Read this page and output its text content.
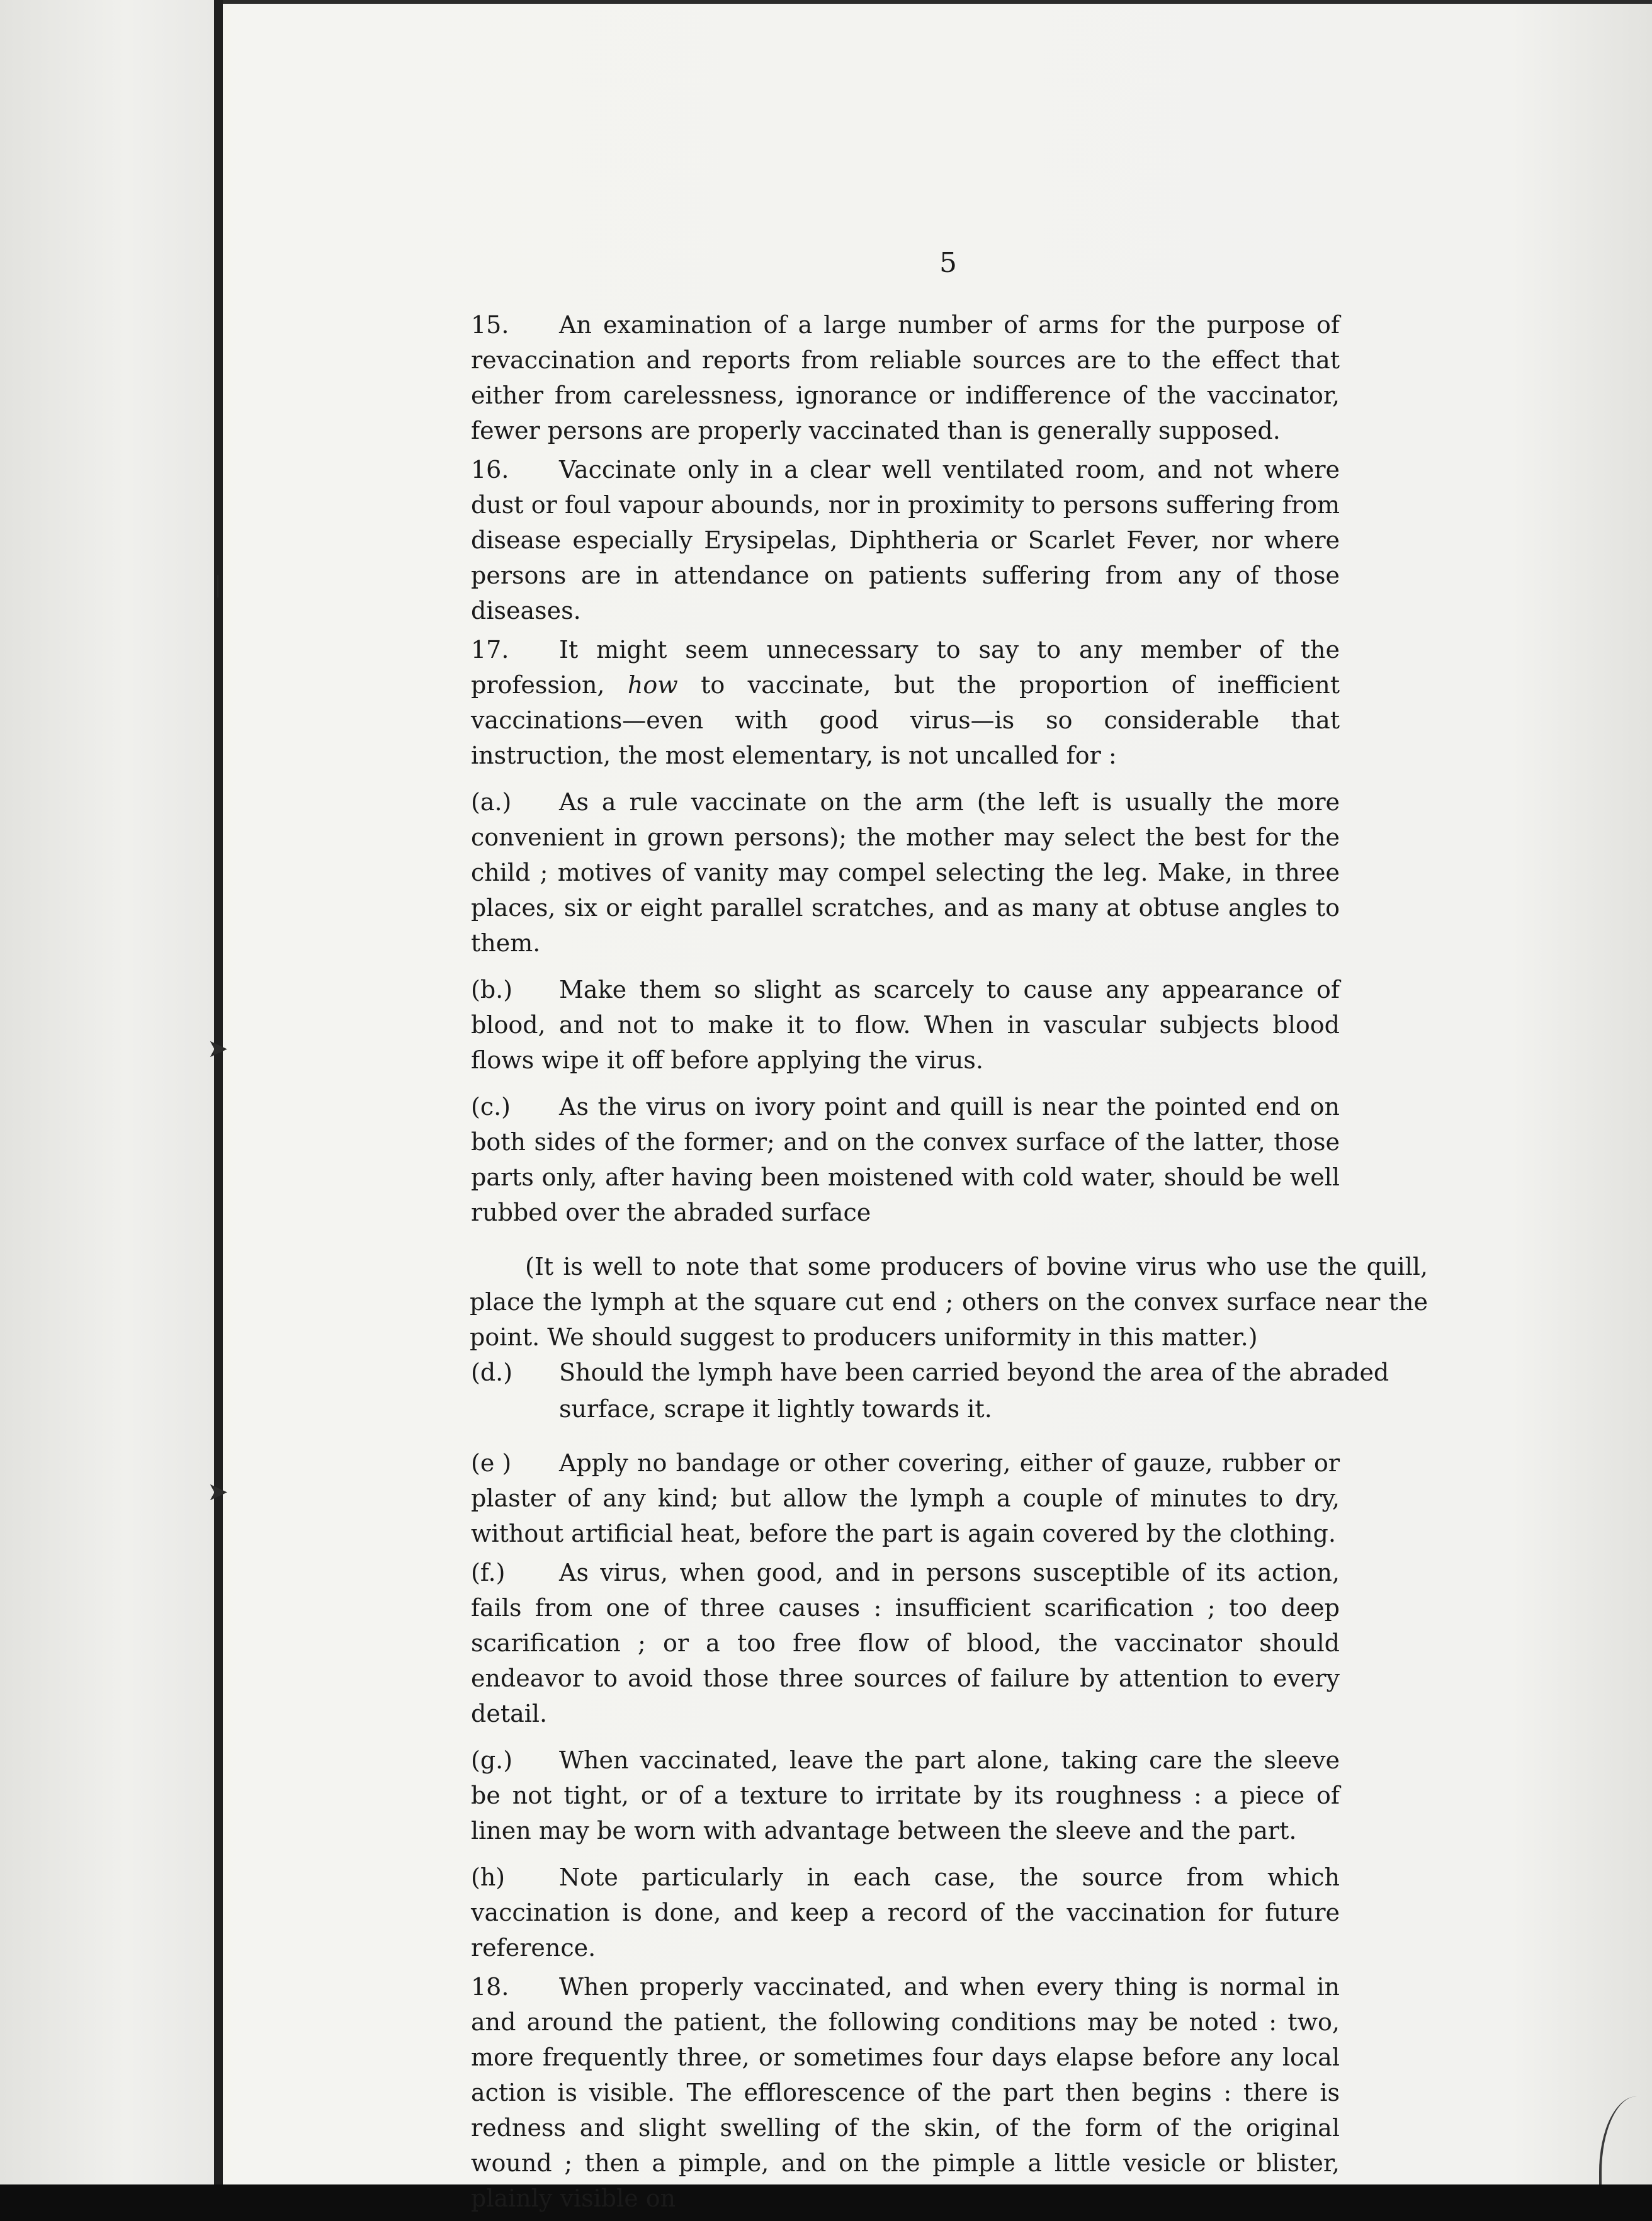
ᛁ
➤
➤
5
15.	An examination of a large number of arms for the purpose of revaccination and reports from reliable sources are to the effect that either from carelessness, ignorance or indifference of the vaccinator, fewer persons are properly vaccinated than is generally supposed.
16.	Vaccinate only in a clear well ventilated room, and not where dust or foul vapour abounds, nor in proximity to persons suffering from disease especially Erysipelas, Diphtheria or Scarlet Fever, nor where persons are in attendance on patients suffering from any of those diseases.
17.	It might seem unnecessary to say to any member of the profession, how to vaccinate, but the proportion of inefficient vaccinations—even with good virus—is so considerable that instruction, the most elementary, is not uncalled for :
(a.)	As a rule vaccinate on the arm (the left is usually the more convenient in grown persons); the mother may select the best for the child ; motives of vanity may compel selecting the leg. Make, in three places, six or eight parallel scratches, and as many at obtuse angles to them.
(b.)	Make them so slight as scarcely to cause any appearance of blood, and not to make it to flow. When in vascular subjects blood flows wipe it off before applying the virus.
(c.)	As the virus on ivory point and quill is near the pointed end on both sides of the former; and on the convex surface of the latter, those parts only, after having been moistened with cold water, should be well rubbed over the abraded surface
(It is well to note that some producers of bovine virus who use the quill, place the lymph at the square cut end ; others on the convex surface near the point. We should suggest to producers uniformity in this matter.)
(d.)	Should the lymph have been carried beyond the area of the abraded
surface, scrape it lightly towards it.
(e )	Apply no bandage or other covering, either of gauze, rubber or plaster of any kind; but allow the lymph a couple of minutes to dry, without artificial heat, before the part is again covered by the clothing.
(f.)	As virus, when good, and in persons susceptible of its action, fails from one of three causes : insufficient scarification ; too deep scarification ; or a too free flow of blood, the vaccinator should endeavor to avoid those three sources of failure by attention to every detail.
(g.)	When vaccinated, leave the part alone, taking care the sleeve be not tight, or of a texture to irritate by its roughness : a piece of linen may be worn with advantage between the sleeve and the part.
(h)	Note particularly in each case, the source from which vaccination is done, and keep a record of the vaccination for future reference.
18.	When properly vaccinated, and when every thing is normal in and around the patient, the following conditions may be noted : two, more frequently three, or sometimes four days elapse before any local action is visible. The efflorescence of the part then begins : there is redness and slight swelling of the skin, of the form of the original wound ; then a pimple, and on the pimple a little vesicle or blister, plainly visible on
